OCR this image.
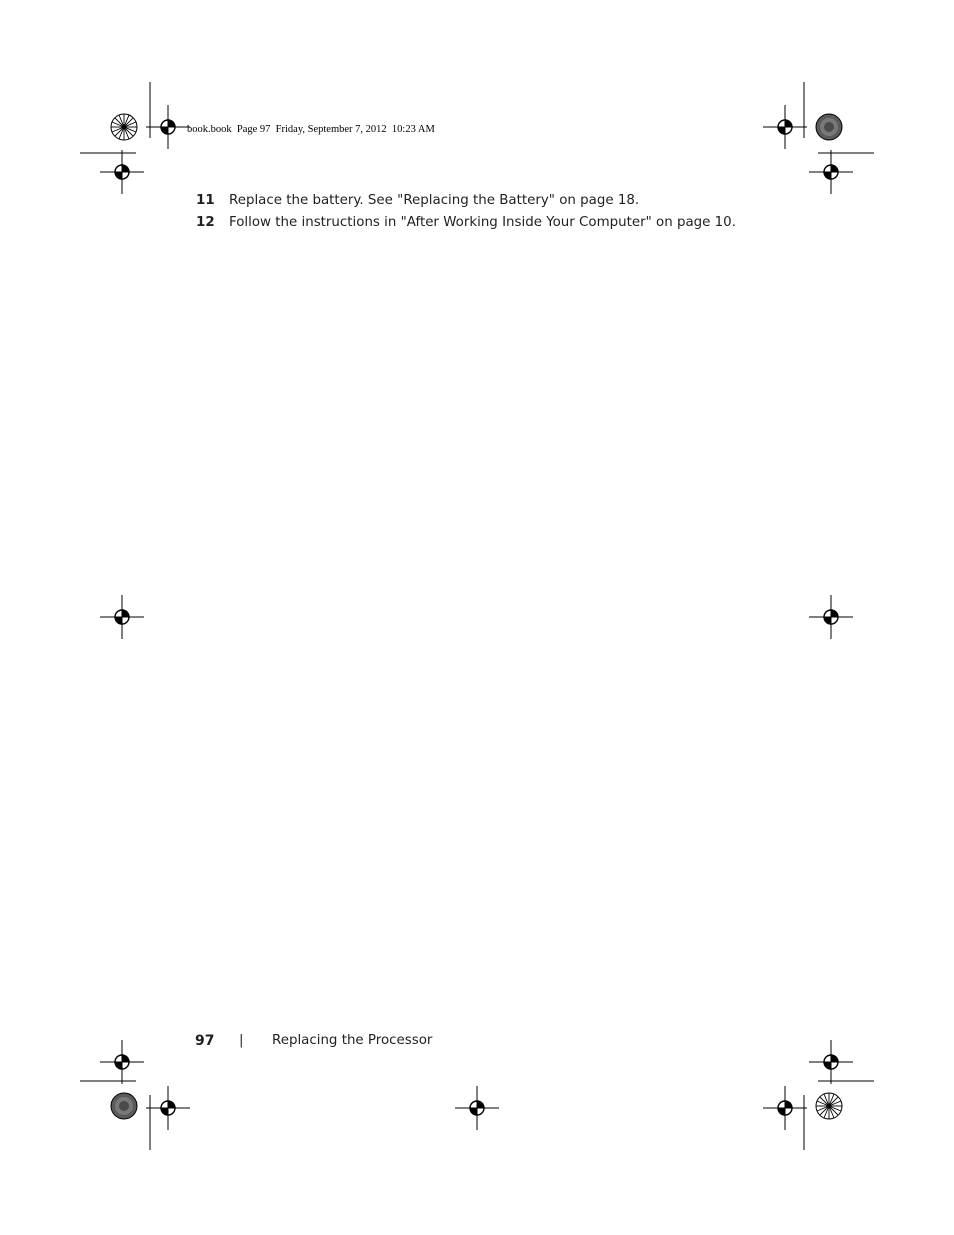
book.book  Page 97  Friday, September 7, 2012  10:23 AM
11 Replace the battery. See "Replacing the Battery" on page 18.
12 Follow the instructions in "After Working Inside Your Computer" on page 10.
97 | Replacing the Processor
